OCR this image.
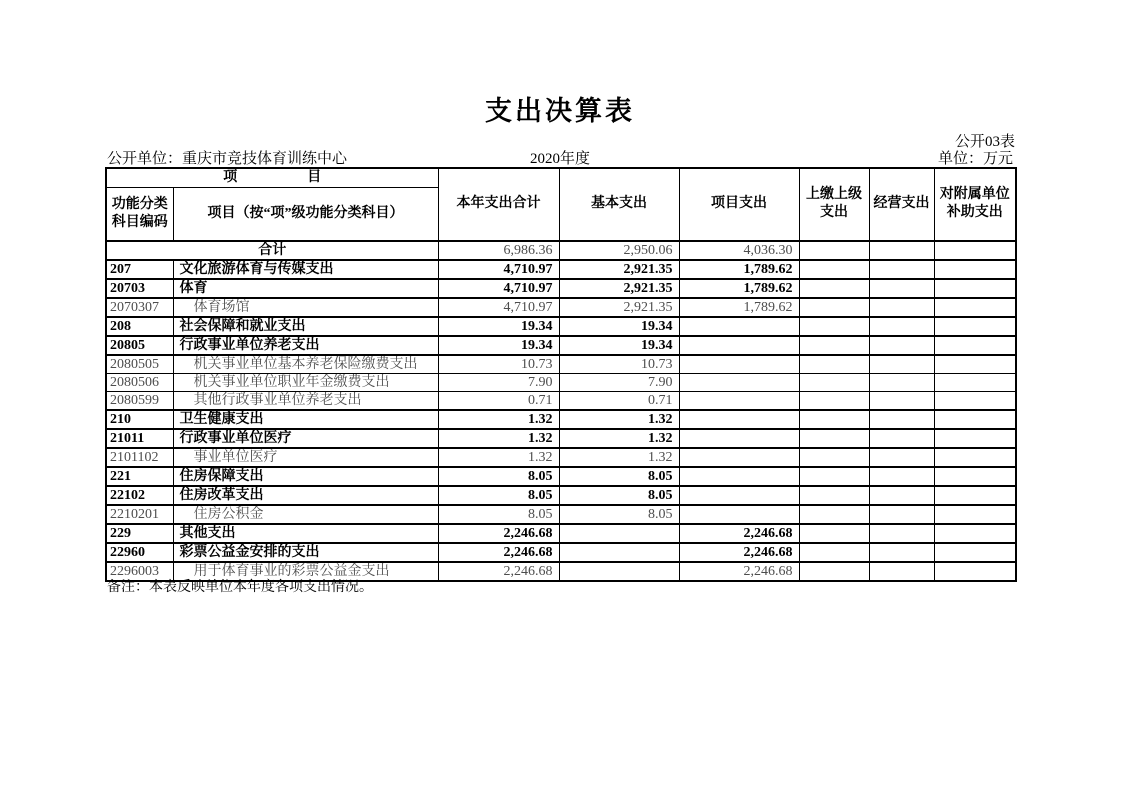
支出决算表
公开03表
公开单位：重庆市竞技体育训练中心	2020年度	单位：万元
项　　　　　目		本年支出合计	基本支出	项目支出	上缴上级支出	经营支出	对附属单位补助支出
功能分类科目编码	项目（按“项”级功能分类科目）						
合计		6,986.36	2,950.06	4,036.30			
207	文化旅游体育与传媒支出	4,710.97	2,921.35	1,789.62			
20703	体育	4,710.97	2,921.35	1,789.62			
2070307	体育场馆	4,710.97	2,921.35	1,789.62			
208	社会保障和就业支出	19.34	19.34				
20805	行政事业单位养老支出	19.34	19.34				
2080505	机关事业单位基本养老保险缴费支出	10.73	10.73				
2080506	机关事业单位职业年金缴费支出	7.90	7.90				
2080599	其他行政事业单位养老支出	0.71	0.71				
210	卫生健康支出	1.32	1.32				
21011	行政事业单位医疗	1.32	1.32				
2101102	事业单位医疗	1.32	1.32				
221	住房保障支出	8.05	8.05				
22102	住房改革支出	8.05	8.05				
2210201	住房公积金	8.05	8.05				
229	其他支出	2,246.68		2,246.68			
22960	彩票公益金安排的支出	2,246.68		2,246.68			
2296003	用于体育事业的彩票公益金支出	2,246.68		2,246.68			
备注：本表反映单位本年度各项支出情况。
